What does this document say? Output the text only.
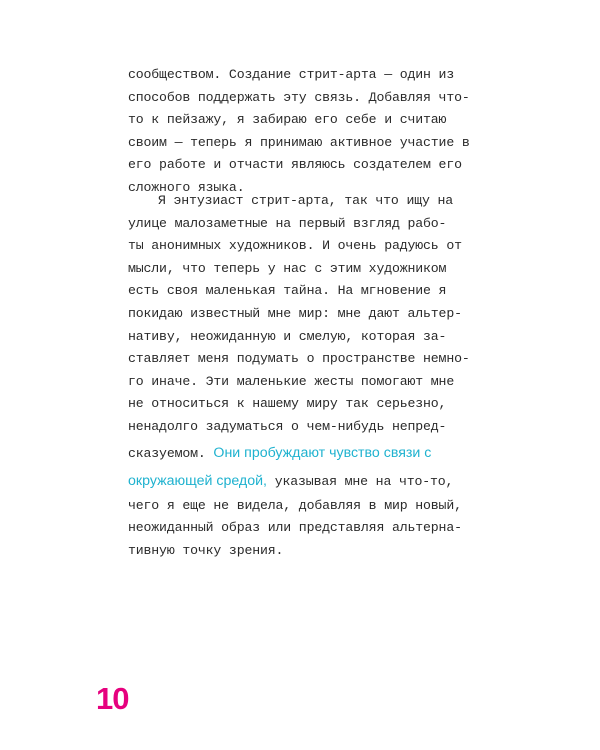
сообществом. Создание стрит-арта — один из
способов поддержать эту связь. Добавляя что-
то к пейзажу, я забираю его себе и считаю
своим — теперь я принимаю активное участие в
его работе и отчасти являюсь создателем его
сложного языка.
Я энтузиаст стрит-арта, так что ищу на
улице малозаметные на первый взгляд рабо-
ты анонимных художников. И очень радуюсь от
мысли, что теперь у нас с этим художником
есть своя маленькая тайна. На мгновение я
покидаю известный мне мир: мне дают альтер-
нативу, неожиданную и смелую, которая за-
ставляет меня подумать о пространстве немно-
го иначе. Эти маленькие жесты помогают мне
не относиться к нашему миру так серьезно,
ненадолго задуматься о чем-нибудь непред-
сказуемом. Они пробуждают чувство связи с
окружающей средой, указывая мне на что-то,
чего я еще не видела, добавляя в мир новый,
неожиданный образ или представляя альтерна-
тивную точку зрения.
10
